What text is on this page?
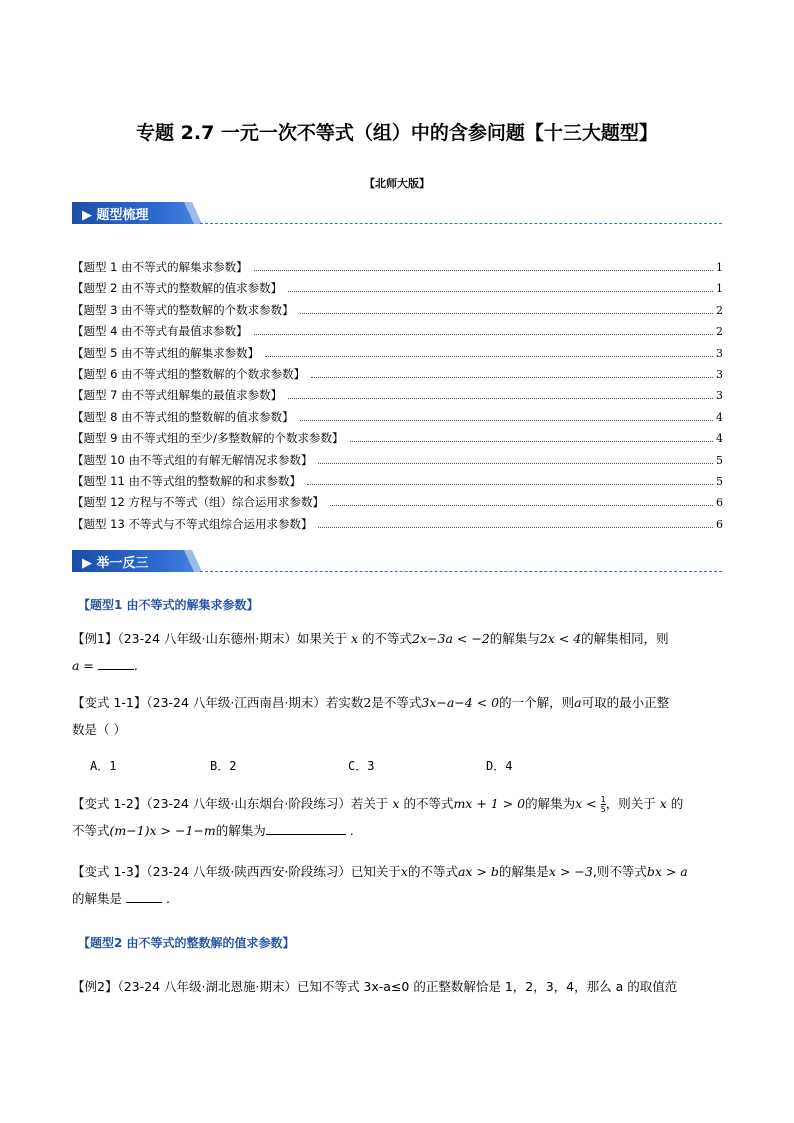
专题 2.7 一元一次不等式（组）中的含参问题【十三大题型】
【北师大版】
▶ 题型梳理
【题型 1 由不等式的解集求参数】	1
【题型 2 由不等式的整数解的值求参数】	1
【题型 3 由不等式的整数解的个数求参数】	2
【题型 4 由不等式有最值求参数】	2
【题型 5 由不等式组的解集求参数】	3
【题型 6 由不等式组的整数解的个数求参数】	3
【题型 7 由不等式组解集的最值求参数】	3
【题型 8 由不等式组的整数解的值求参数】	4
【题型 9 由不等式组的至少/多整数解的个数求参数】	4
【题型 10 由不等式组的有解无解情况求参数】	5
【题型 11 由不等式组的整数解的和求参数】	5
【题型 12 方程与不等式（组）综合运用求参数】	6
【题型 13 不等式与不等式组综合运用求参数】	6
▶ 举一反三
【题型1 由不等式的解集求参数】
【例1】（23-24 八年级·山东德州·期末）如果关于 x 的不等式2x−3a < −2的解集与2x < 4的解集相同，则
a =	.
【变式 1-1】（23-24 八年级·江西南昌·期末）若实数2是不等式3x−a−4 < 0的一个解，则a可取的最小正整
数是（ ）
A．1	B．2	C．3	D．4
【变式 1-2】（23-24 八年级·山东烟台·阶段练习）若关于 x 的不等式mx + 1 > 0的解集为$x < \frac{1}{5}$ ，则关于 x 的
不等式(m−1)x > −1−m的解集为	.
【变式 1-3】（23-24 八年级·陕西西安·阶段练习）已知关于x的不等式ax > b的解集是x > −3,则不等式bx > a
的解集是	.
【题型2 由不等式的整数解的值求参数】
【例2】（23-24 八年级·湖北恩施·期末）已知不等式 3x-a≤0 的正整数解恰是 1，2，3，4，那么 a 的取值范
